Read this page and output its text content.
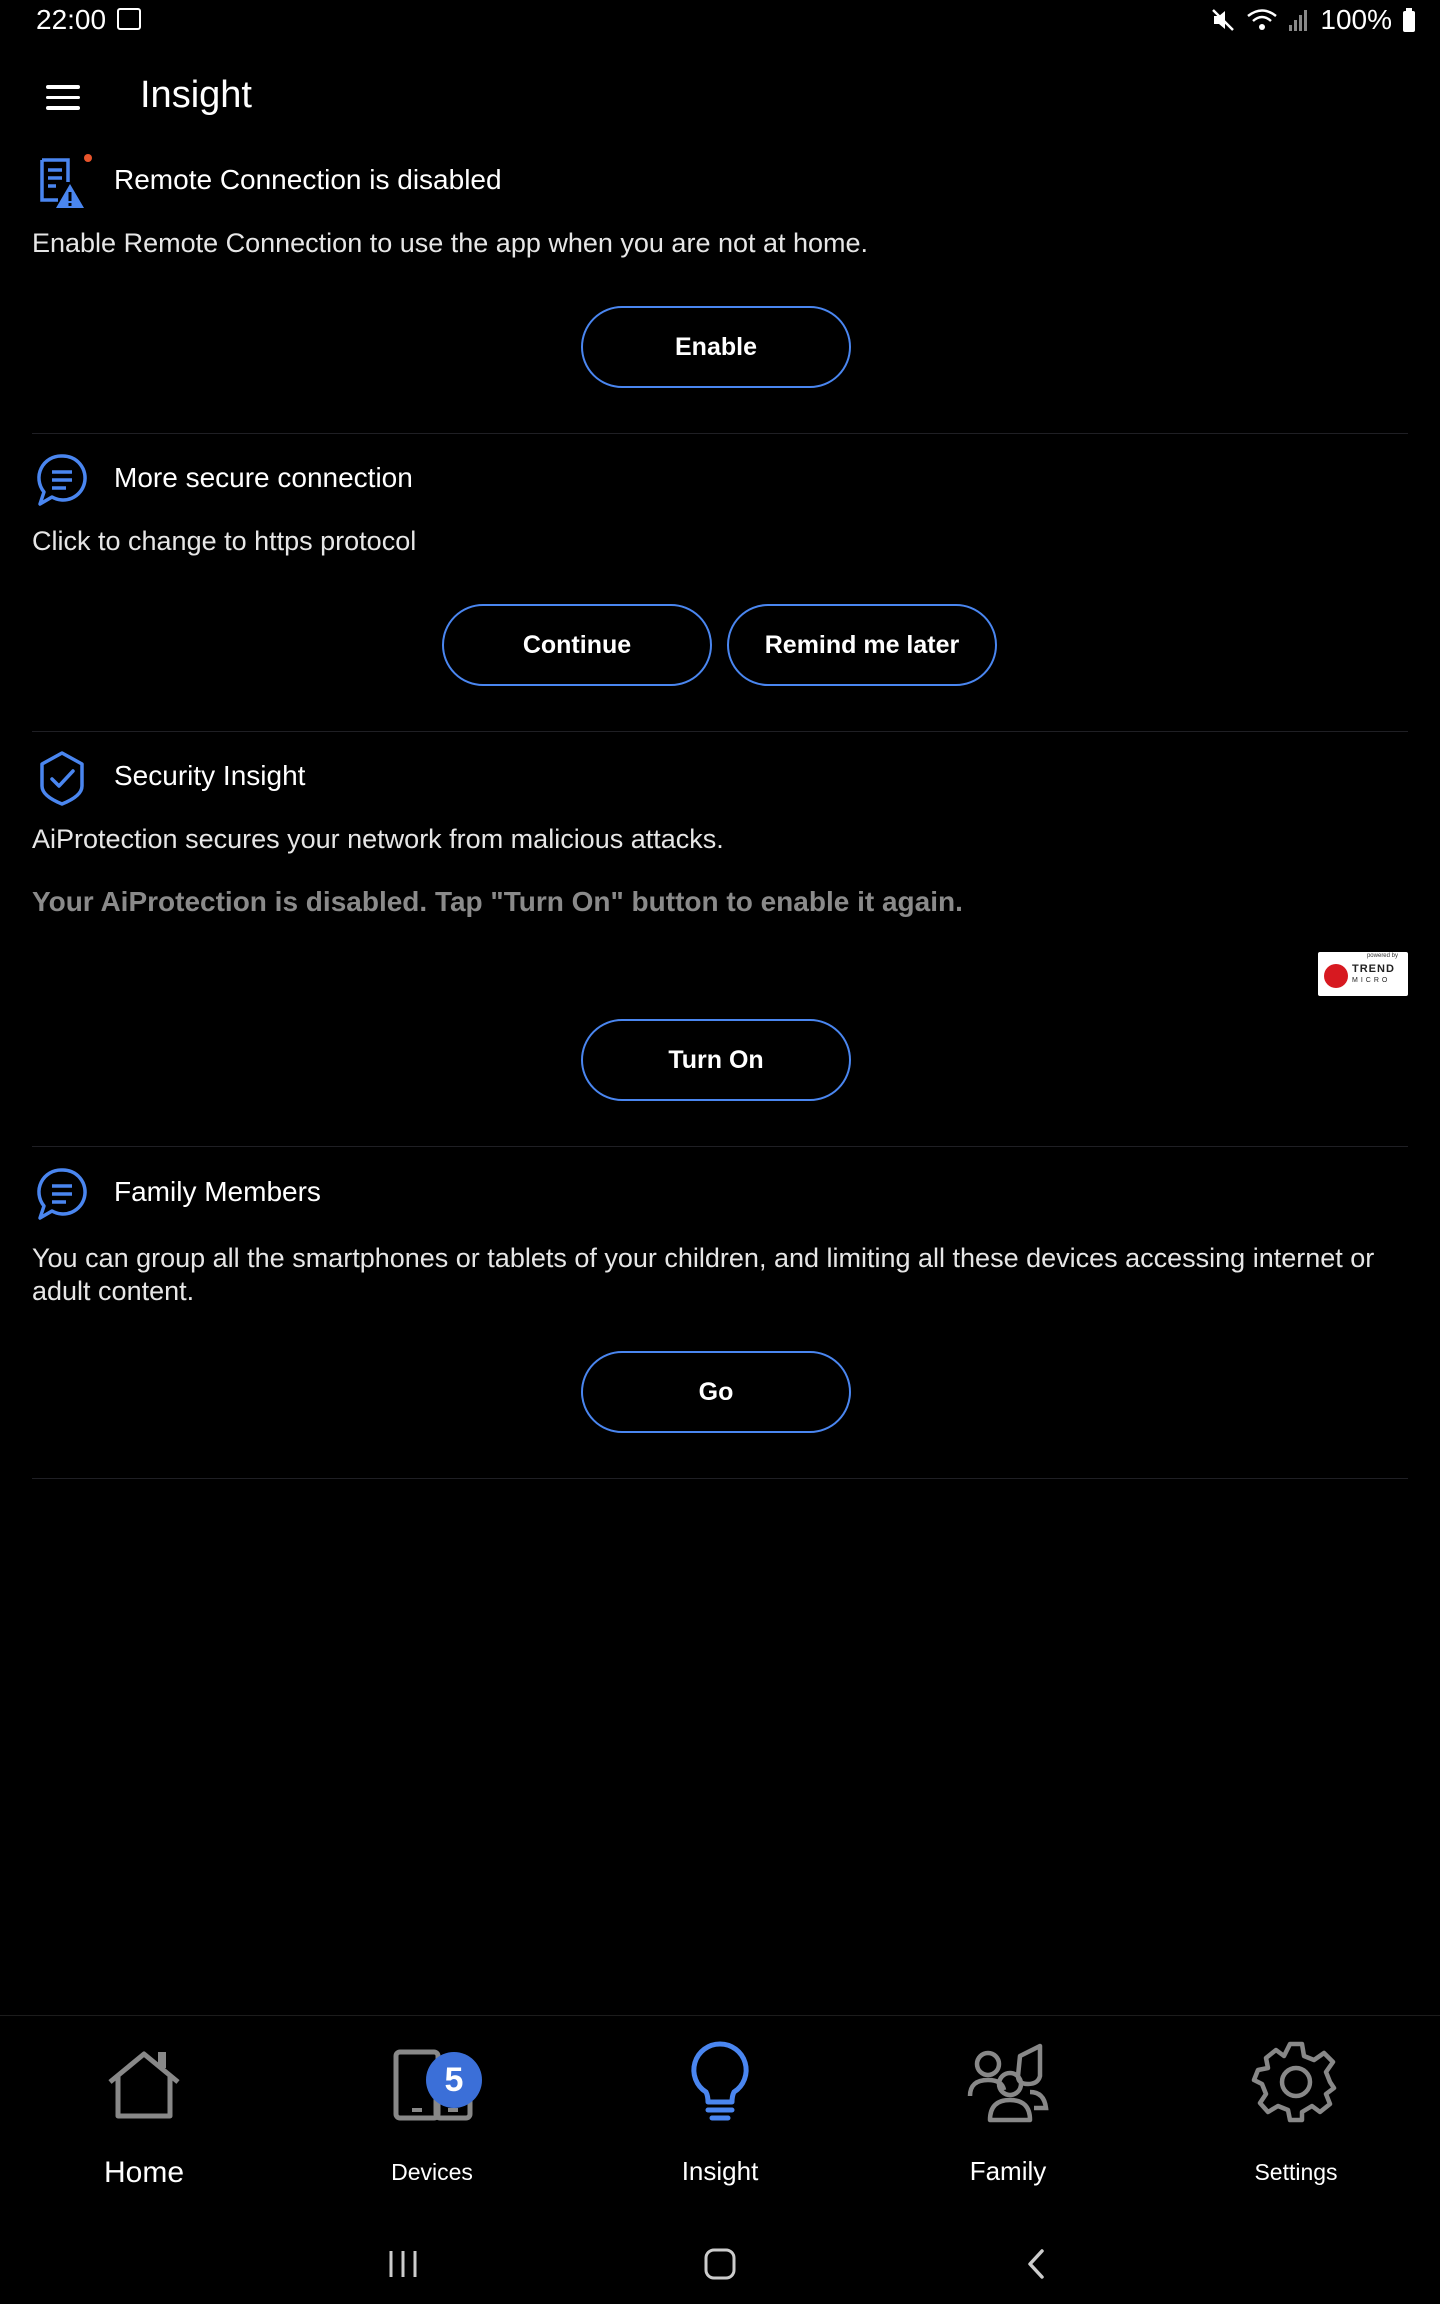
22:00	100%
Insight
Remote Connection is disabled
Enable Remote Connection to use the app when you are not at home.
Enable
More secure connection
Click to change to https protocol
Continue	Remind me later
Security Insight
AiProtection secures your network from malicious attacks.
Your AiProtection is disabled. Tap "Turn On" button to enable it again.
powered by
TREND
MICRO
Turn On
Family Members
You can group all the smartphones or tablets of your children, and limiting all these devices accessing internet or adult content.
Go
Home	Devices
5
Insight	Family	Settings
